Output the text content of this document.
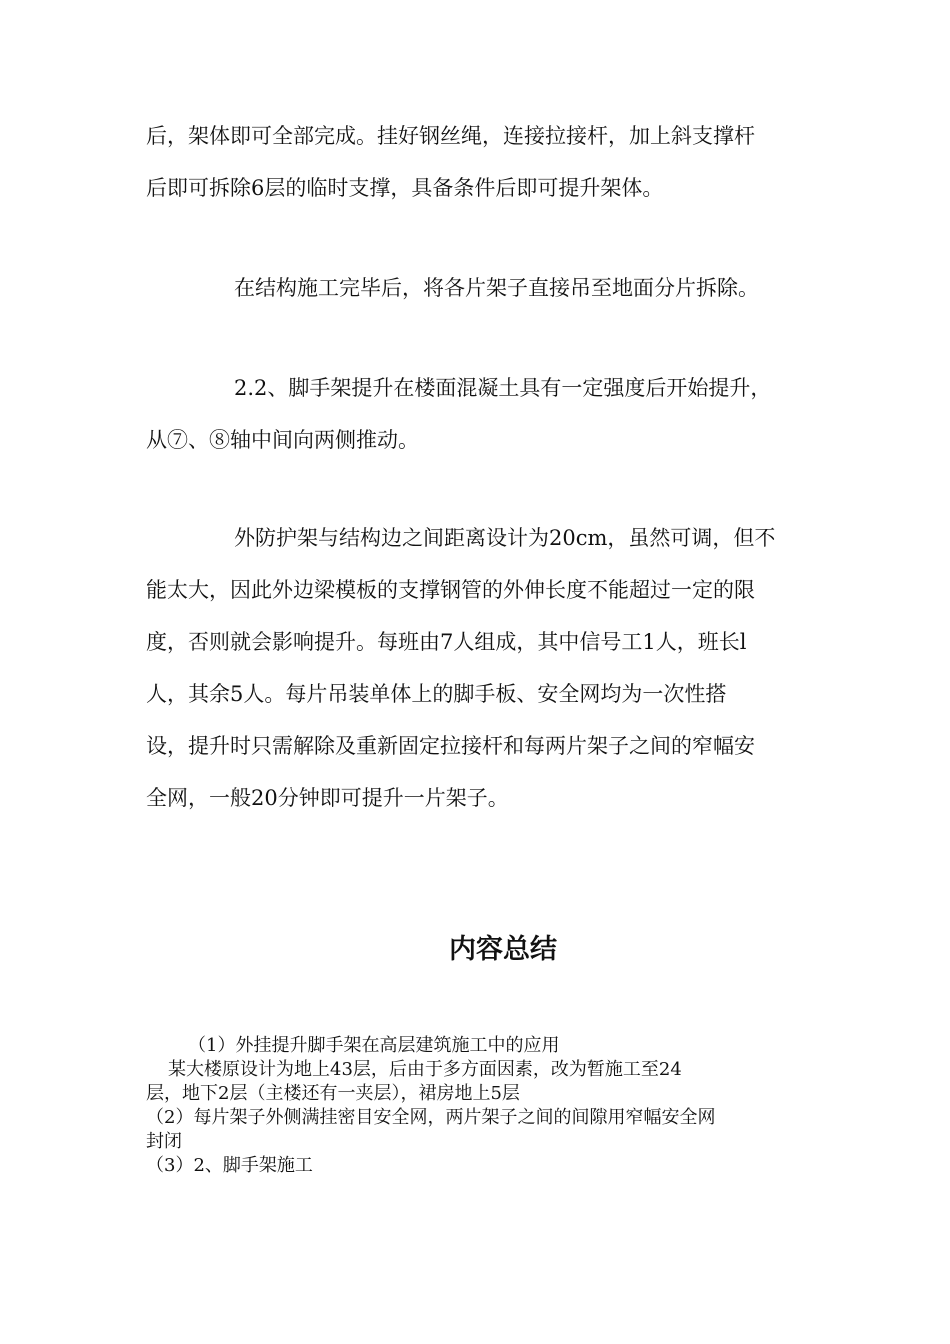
后，架体即可全部完成。挂好钢丝绳，连接拉接杆，加上斜支撑杆
后即可拆除6层的临时支撑，具备条件后即可提升架体。
在结构施工完毕后，将各片架子直接吊至地面分片拆除。
2.2、脚手架提升在楼面混凝土具有一定强度后开始提升，
从⑦、⑧轴中间向两侧推动。
外防护架与结构边之间距离设计为20cm，虽然可调，但不
能太大，因此外边梁模板的支撑钢管的外伸长度不能超过一定的限
度，否则就会影响提升。每班由7人组成，其中信号工1人，班长l
人，其余5人。每片吊装单体上的脚手板、安全网均为一次性搭
设，提升时只需解除及重新固定拉接杆和每两片架子之间的窄幅安
全网，一般20分钟即可提升一片架子。
内容总结
（1）外挂提升脚手架在高层建筑施工中的应用
某大楼原设计为地上43层，后由于多方面因素，改为暂施工至24
层，地下2层（主楼还有一夹层），裙房地上5层
（2）每片架子外侧满挂密目安全网，两片架子之间的间隙用窄幅安全网
封闭
（3）2、脚手架施工
